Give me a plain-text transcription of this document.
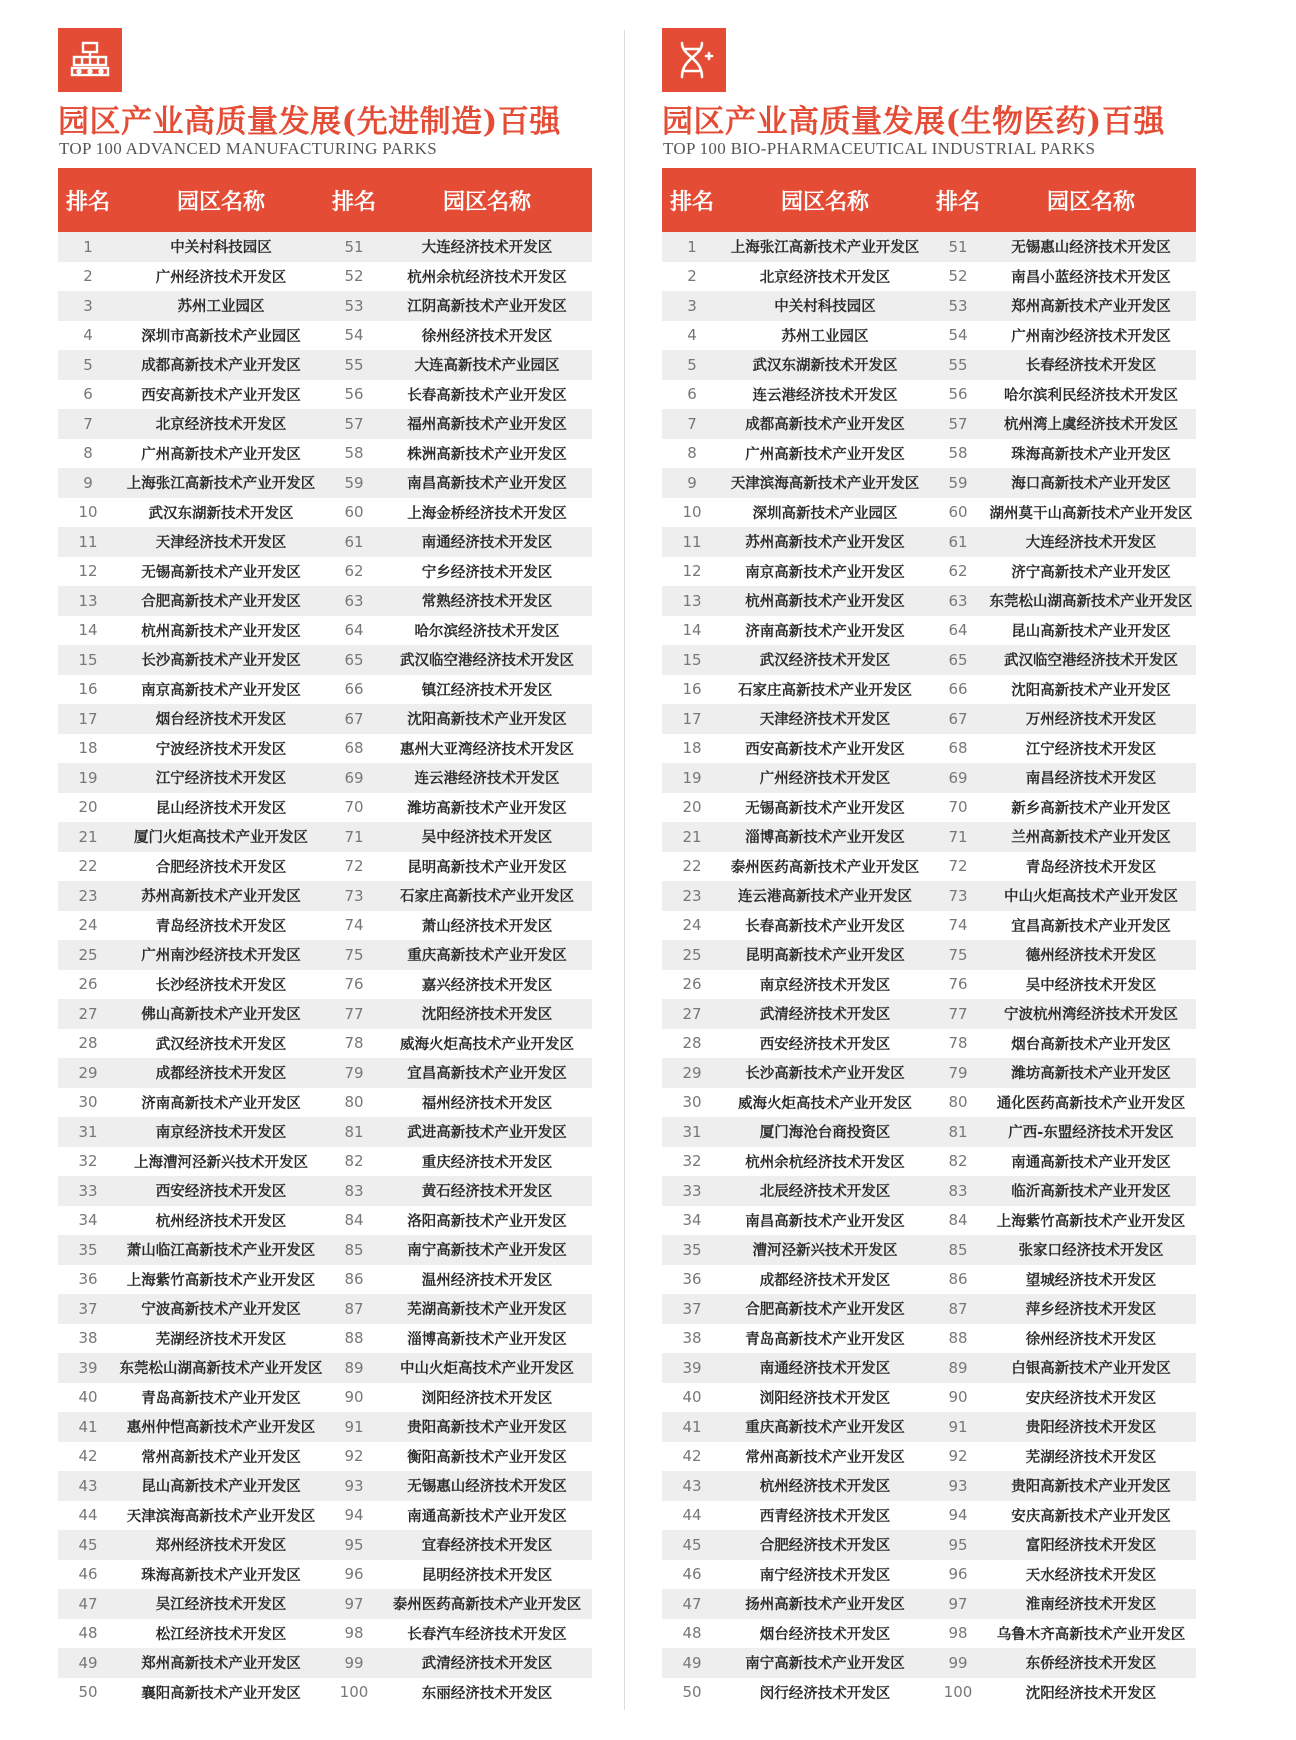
园区产业高质量发展(先进制造)百强
TOP 100 ADVANCED MANUFACTURING PARKS
排名	园区名称	排名	园区名称
1	中关村科技园区	51	大连经济技术开发区
2	广州经济技术开发区	52	杭州余杭经济技术开发区
3	苏州工业园区	53	江阴高新技术产业开发区
4	深圳市高新技术产业园区	54	徐州经济技术开发区
5	成都高新技术产业开发区	55	大连高新技术产业园区
6	西安高新技术产业开发区	56	长春高新技术产业开发区
7	北京经济技术开发区	57	福州高新技术产业开发区
8	广州高新技术产业开发区	58	株洲高新技术产业开发区
9	上海张江高新技术产业开发区	59	南昌高新技术产业开发区
10	武汉东湖新技术开发区	60	上海金桥经济技术开发区
11	天津经济技术开发区	61	南通经济技术开发区
12	无锡高新技术产业开发区	62	宁乡经济技术开发区
13	合肥高新技术产业开发区	63	常熟经济技术开发区
14	杭州高新技术产业开发区	64	哈尔滨经济技术开发区
15	长沙高新技术产业开发区	65	武汉临空港经济技术开发区
16	南京高新技术产业开发区	66	镇江经济技术开发区
17	烟台经济技术开发区	67	沈阳高新技术产业开发区
18	宁波经济技术开发区	68	惠州大亚湾经济技术开发区
19	江宁经济技术开发区	69	连云港经济技术开发区
20	昆山经济技术开发区	70	潍坊高新技术产业开发区
21	厦门火炬高技术产业开发区	71	吴中经济技术开发区
22	合肥经济技术开发区	72	昆明高新技术产业开发区
23	苏州高新技术产业开发区	73	石家庄高新技术产业开发区
24	青岛经济技术开发区	74	萧山经济技术开发区
25	广州南沙经济技术开发区	75	重庆高新技术产业开发区
26	长沙经济技术开发区	76	嘉兴经济技术开发区
27	佛山高新技术产业开发区	77	沈阳经济技术开发区
28	武汉经济技术开发区	78	威海火炬高技术产业开发区
29	成都经济技术开发区	79	宜昌高新技术产业开发区
30	济南高新技术产业开发区	80	福州经济技术开发区
31	南京经济技术开发区	81	武进高新技术产业开发区
32	上海漕河泾新兴技术开发区	82	重庆经济技术开发区
33	西安经济技术开发区	83	黄石经济技术开发区
34	杭州经济技术开发区	84	洛阳高新技术产业开发区
35	萧山临江高新技术产业开发区	85	南宁高新技术产业开发区
36	上海紫竹高新技术产业开发区	86	温州经济技术开发区
37	宁波高新技术产业开发区	87	芜湖高新技术产业开发区
38	芜湖经济技术开发区	88	淄博高新技术产业开发区
39	东莞松山湖高新技术产业开发区	89	中山火炬高技术产业开发区
40	青岛高新技术产业开发区	90	浏阳经济技术开发区
41	惠州仲恺高新技术产业开发区	91	贵阳高新技术产业开发区
42	常州高新技术产业开发区	92	衡阳高新技术产业开发区
43	昆山高新技术产业开发区	93	无锡惠山经济技术开发区
44	天津滨海高新技术产业开发区	94	南通高新技术产业开发区
45	郑州经济技术开发区	95	宜春经济技术开发区
46	珠海高新技术产业开发区	96	昆明经济技术开发区
47	吴江经济技术开发区	97	泰州医药高新技术产业开发区
48	松江经济技术开发区	98	长春汽车经济技术开发区
49	郑州高新技术产业开发区	99	武清经济技术开发区
50	襄阳高新技术产业开发区	100	东丽经济技术开发区
园区产业高质量发展(生物医药)百强
TOP 100 BIO-PHARMACEUTICAL INDUSTRIAL PARKS
排名	园区名称	排名	园区名称
1	上海张江高新技术产业开发区	51	无锡惠山经济技术开发区
2	北京经济技术开发区	52	南昌小蓝经济技术开发区
3	中关村科技园区	53	郑州高新技术产业开发区
4	苏州工业园区	54	广州南沙经济技术开发区
5	武汉东湖新技术开发区	55	长春经济技术开发区
6	连云港经济技术开发区	56	哈尔滨利民经济技术开发区
7	成都高新技术产业开发区	57	杭州湾上虞经济技术开发区
8	广州高新技术产业开发区	58	珠海高新技术产业开发区
9	天津滨海高新技术产业开发区	59	海口高新技术产业开发区
10	深圳高新技术产业园区	60	湖州莫干山高新技术产业开发区
11	苏州高新技术产业开发区	61	大连经济技术开发区
12	南京高新技术产业开发区	62	济宁高新技术产业开发区
13	杭州高新技术产业开发区	63	东莞松山湖高新技术产业开发区
14	济南高新技术产业开发区	64	昆山高新技术产业开发区
15	武汉经济技术开发区	65	武汉临空港经济技术开发区
16	石家庄高新技术产业开发区	66	沈阳高新技术产业开发区
17	天津经济技术开发区	67	万州经济技术开发区
18	西安高新技术产业开发区	68	江宁经济技术开发区
19	广州经济技术开发区	69	南昌经济技术开发区
20	无锡高新技术产业开发区	70	新乡高新技术产业开发区
21	淄博高新技术产业开发区	71	兰州高新技术产业开发区
22	泰州医药高新技术产业开发区	72	青岛经济技术开发区
23	连云港高新技术产业开发区	73	中山火炬高技术产业开发区
24	长春高新技术产业开发区	74	宜昌高新技术产业开发区
25	昆明高新技术产业开发区	75	德州经济技术开发区
26	南京经济技术开发区	76	吴中经济技术开发区
27	武清经济技术开发区	77	宁波杭州湾经济技术开发区
28	西安经济技术开发区	78	烟台高新技术产业开发区
29	长沙高新技术产业开发区	79	潍坊高新技术产业开发区
30	威海火炬高技术产业开发区	80	通化医药高新技术产业开发区
31	厦门海沧台商投资区	81	广西-东盟经济技术开发区
32	杭州余杭经济技术开发区	82	南通高新技术产业开发区
33	北辰经济技术开发区	83	临沂高新技术产业开发区
34	南昌高新技术产业开发区	84	上海紫竹高新技术产业开发区
35	漕河泾新兴技术开发区	85	张家口经济技术开发区
36	成都经济技术开发区	86	望城经济技术开发区
37	合肥高新技术产业开发区	87	萍乡经济技术开发区
38	青岛高新技术产业开发区	88	徐州经济技术开发区
39	南通经济技术开发区	89	白银高新技术产业开发区
40	浏阳经济技术开发区	90	安庆经济技术开发区
41	重庆高新技术产业开发区	91	贵阳经济技术开发区
42	常州高新技术产业开发区	92	芜湖经济技术开发区
43	杭州经济技术开发区	93	贵阳高新技术产业开发区
44	西青经济技术开发区	94	安庆高新技术产业开发区
45	合肥经济技术开发区	95	富阳经济技术开发区
46	南宁经济技术开发区	96	天水经济技术开发区
47	扬州高新技术产业开发区	97	淮南经济技术开发区
48	烟台经济技术开发区	98	乌鲁木齐高新技术产业开发区
49	南宁高新技术产业开发区	99	东侨经济技术开发区
50	闵行经济技术开发区	100	沈阳经济技术开发区
